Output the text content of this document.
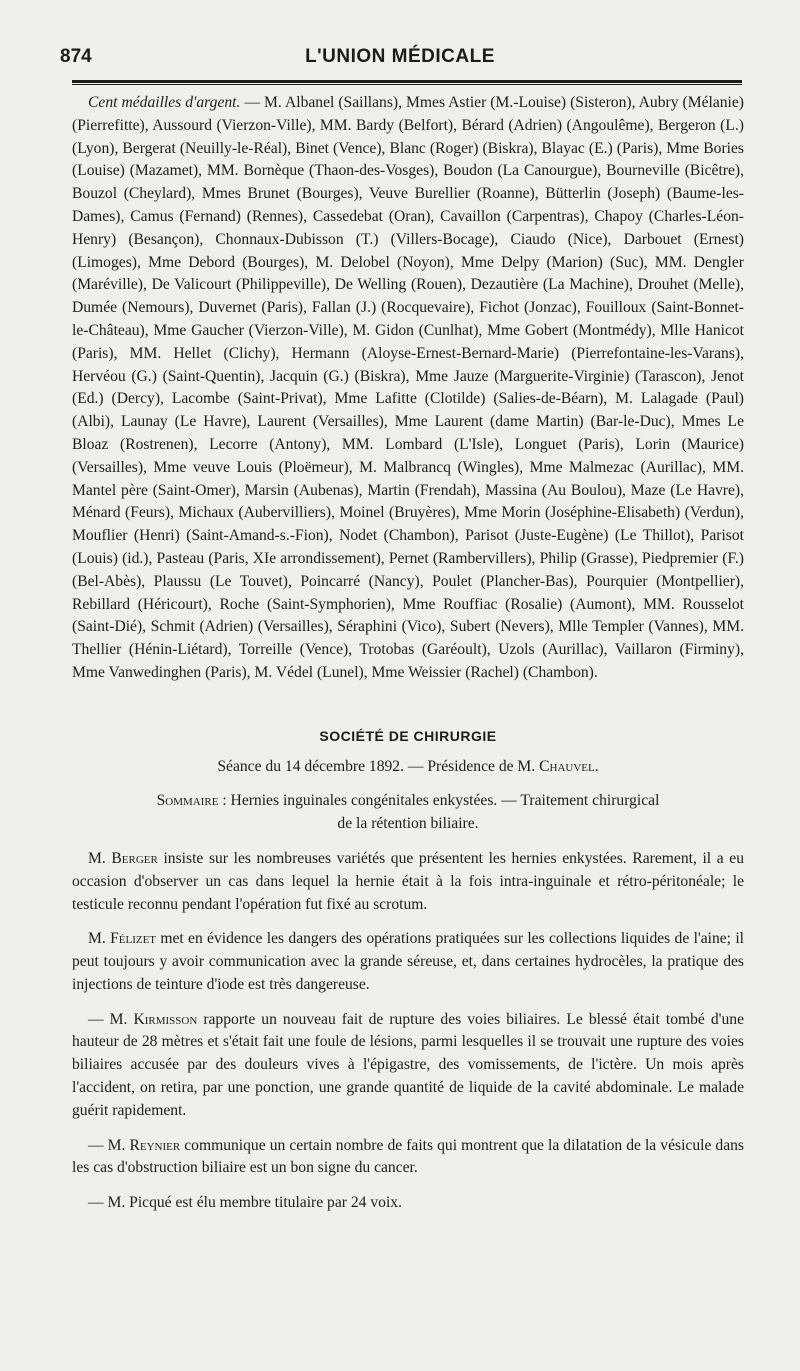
874	L'UNION MÉDICALE

Cent médailles d'argent. — M. Albanel (Saillans), Mmes Astier (M.-Louise) (Sisteron), Aubry (Mélanie) (Pierrefitte), Aussourd (Vierzon-Ville), MM. Bardy (Belfort), Bérard (Adrien) (Angoulême), Bergeron (L.) (Lyon), Bergerat (Neuilly-le-Réal), Binet (Vence), Blanc (Roger) (Biskra), Blayac (E.) (Paris), Mme Bories (Louise) (Mazamet), MM. Bornèque (Thaon-des-Vosges), Boudon (La Canourgue), Bourneville (Bicêtre), Bouzol (Cheylard), Mmes Brunet (Bourges), Veuve Burellier (Roanne), Bütterlin (Joseph) (Baume-les-Dames), Camus (Fernand) (Rennes), Cassedebat (Oran), Cavaillon (Carpentras), Chapoy (Charles-Léon-Henry) (Besançon), Chonnaux-Dubisson (T.) (Villers-Bocage), Ciaudo (Nice), Darbouet (Ernest) (Limoges), Mme Debord (Bourges), M. Delobel (Noyon), Mme Delpy (Marion) (Suc), MM. Dengler (Maréville), De Valicourt (Philippeville), De Welling (Rouen), Dezautière (La Machine), Drouhet (Melle), Dumée (Nemours), Duvernet (Paris), Fallan (J.) (Rocquevaire), Fichot (Jonzac), Fouilloux (Saint-Bonnet-le-Château), Mme Gaucher (Vierzon-Ville), M. Gidon (Cunlhat), Mme Gobert (Montmédy), Mlle Hanicot (Paris), MM. Hellet (Clichy), Hermann (Aloyse-Ernest-Bernard-Marie) (Pierrefontaine-les-Varans), Hervéou (G.) (Saint-Quentin), Jacquin (G.) (Biskra), Mme Jauze (Marguerite-Virginie) (Tarascon), Jenot (Ed.) (Dercy), Lacombe (Saint-Privat), Mme Lafitte (Clotilde) (Salies-de-Béarn), M. Lalagade (Paul) (Albi), Launay (Le Havre), Laurent (Versailles), Mme Laurent (dame Martin) (Bar-le-Duc), Mmes Le Bloaz (Rostrenen), Lecorre (Antony), MM. Lombard (L'Isle), Longuet (Paris), Lorin (Maurice) (Versailles), Mme veuve Louis (Ploëmeur), M. Malbrancq (Wingles), Mme Malmezac (Aurillac), MM. Mantel père (Saint-Omer), Marsin (Aubenas), Martin (Frendah), Massina (Au Boulou), Maze (Le Havre), Ménard (Feurs), Michaux (Aubervilliers), Moinel (Bruyères), Mme Morin (Joséphine-Elisabeth) (Verdun), Mouflier (Henri) (Saint-Amand-s.-Fion), Nodet (Chambon), Parisot (Juste-Eugène) (Le Thillot), Parisot (Louis) (id.), Pasteau (Paris, XIe arrondissement), Pernet (Rambervillers), Philip (Grasse), Piedpremier (F.) (Bel-Abès), Plaussu (Le Touvet), Poincarré (Nancy), Poulet (Plancher-Bas), Pourquier (Montpellier), Rebillard (Héricourt), Roche (Saint-Symphorien), Mme Rouffiac (Rosalie) (Aumont), MM. Rousselot (Saint-Dié), Schmit (Adrien) (Versailles), Séraphini (Vico), Subert (Nevers), Mlle Templer (Vannes), MM. Thellier (Hénin-Liétard), Torreille (Vence), Trotobas (Garéoult), Uzols (Aurillac), Vaillaron (Firminy), Mme Vanwedinghen (Paris), M. Védel (Lunel), Mme Weissier (Rachel) (Chambon).

SOCIÉTÉ DE CHIRURGIE
Séance du 14 décembre 1892. — Présidence de M. Chauvel.
Sommaire : Hernies inguinales congénitales enkystées. — Traitement chirurgical
de la rétention biliaire.

M. Berger insiste sur les nombreuses variétés que présentent les hernies enkystées. Rarement, il a eu occasion d'observer un cas dans lequel la hernie était à la fois intra-inguinale et rétro-péritonéale; le testicule reconnu pendant l'opération fut fixé au scrotum.

M. Félizet met en évidence les dangers des opérations pratiquées sur les collections liquides de l'aine; il peut toujours y avoir communication avec la grande séreuse, et, dans certaines hydrocèles, la pratique des injections de teinture d'iode est très dangereuse.

— M. Kirmisson rapporte un nouveau fait de rupture des voies biliaires. Le blessé était tombé d'une hauteur de 28 mètres et s'était fait une foule de lésions, parmi lesquelles il se trouvait une rupture des voies biliaires accusée par des douleurs vives à l'épigastre, des vomissements, de l'ictère. Un mois après l'accident, on retira, par une ponction, une grande quantité de liquide de la cavité abdominale. Le malade guérit rapidement.

— M. Reynier communique un certain nombre de faits qui montrent que la dilatation de la vésicule dans les cas d'obstruction biliaire est un bon signe du cancer.

— M. Picqué est élu membre titulaire par 24 voix.
